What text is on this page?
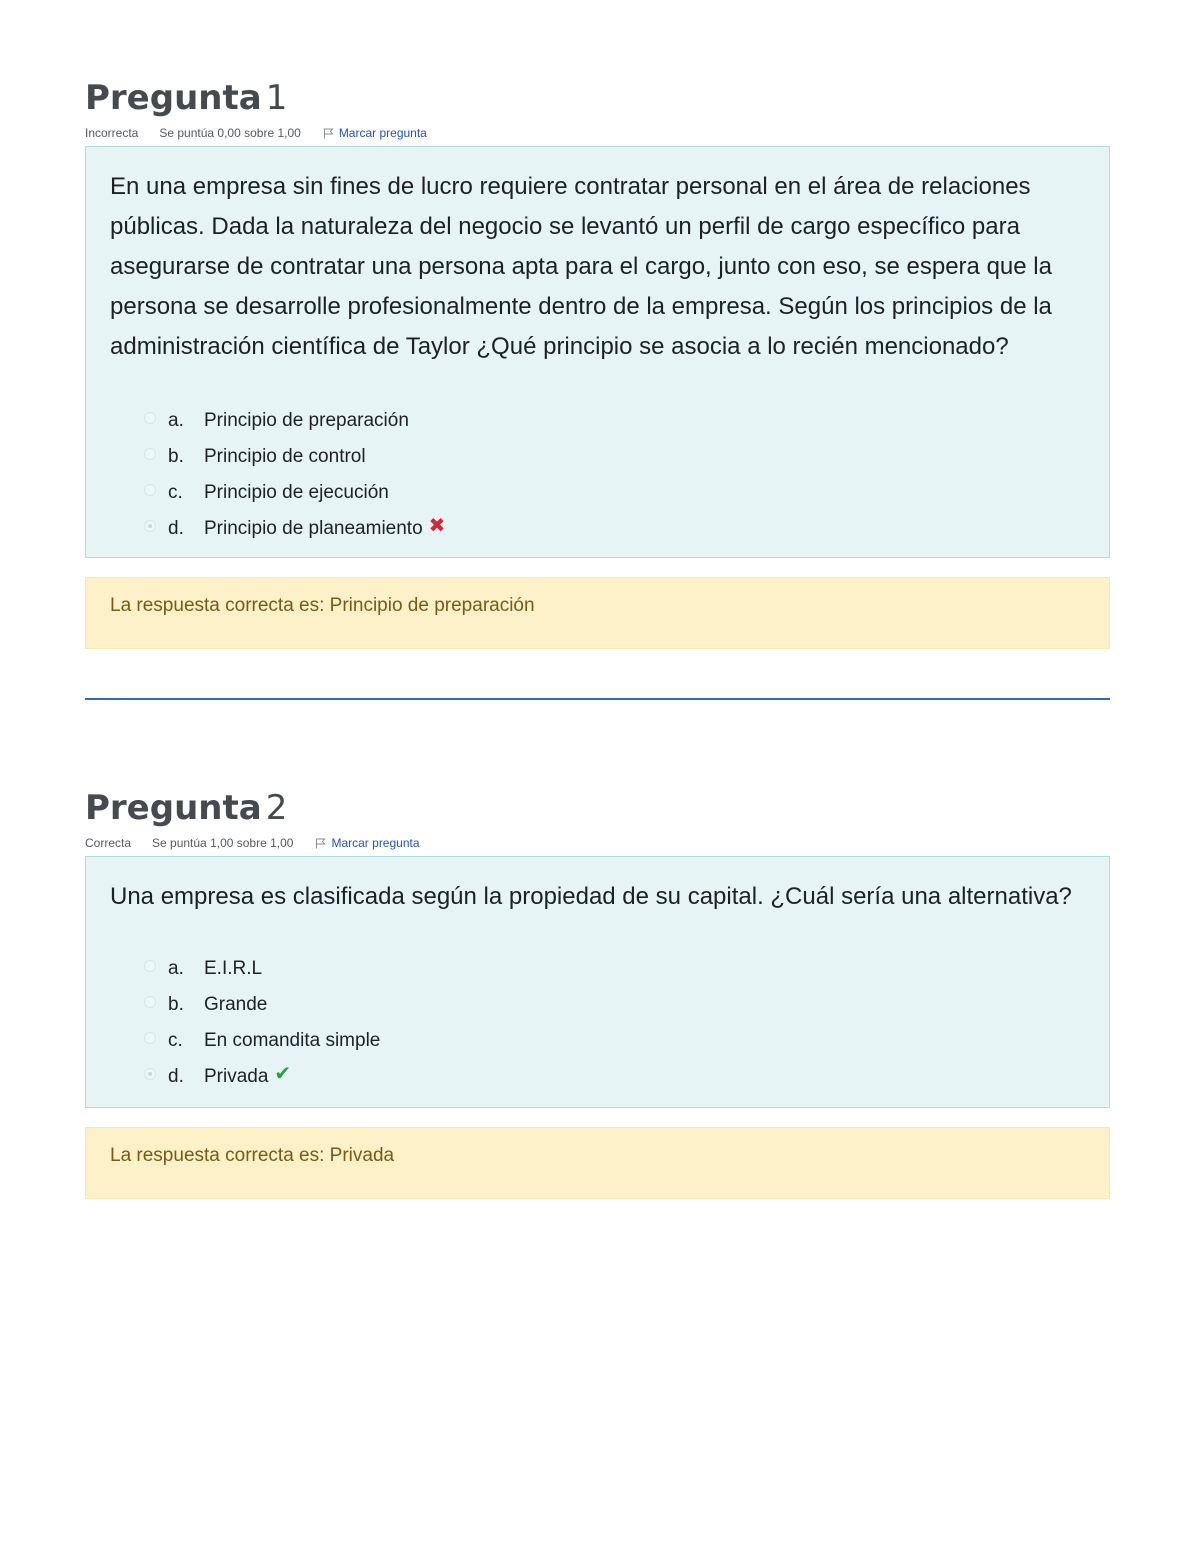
Pregunta 1
Incorrecta Se puntúa 0,00 sobre 1,00	Marcar pregunta

En una empresa sin fines de lucro requiere contratar personal en el área de relaciones públicas. Dada la naturaleza del negocio se levantó un perfil de cargo específico para asegurarse de contratar una persona apta para el cargo, junto con eso, se espera que la persona se desarrolle profesionalmente dentro de la empresa. Según los principios de la administración científica de Taylor ¿Qué principio se asocia a lo recién mencionado?

a.	Principio de preparación
b.	Principio de control
c.	Principio de ejecución
d.	Principio de planeamiento ✖
La respuesta correcta es: Principio de preparación
Pregunta 2
Correcta Se puntúa 1,00 sobre 1,00	Marcar pregunta

Una empresa es clasificada según la propiedad de su capital. ¿Cuál sería una alternativa?

a.	E.I.R.L
b.	Grande
c.	En comandita simple
d.	Privada ✔
La respuesta correcta es: Privada
